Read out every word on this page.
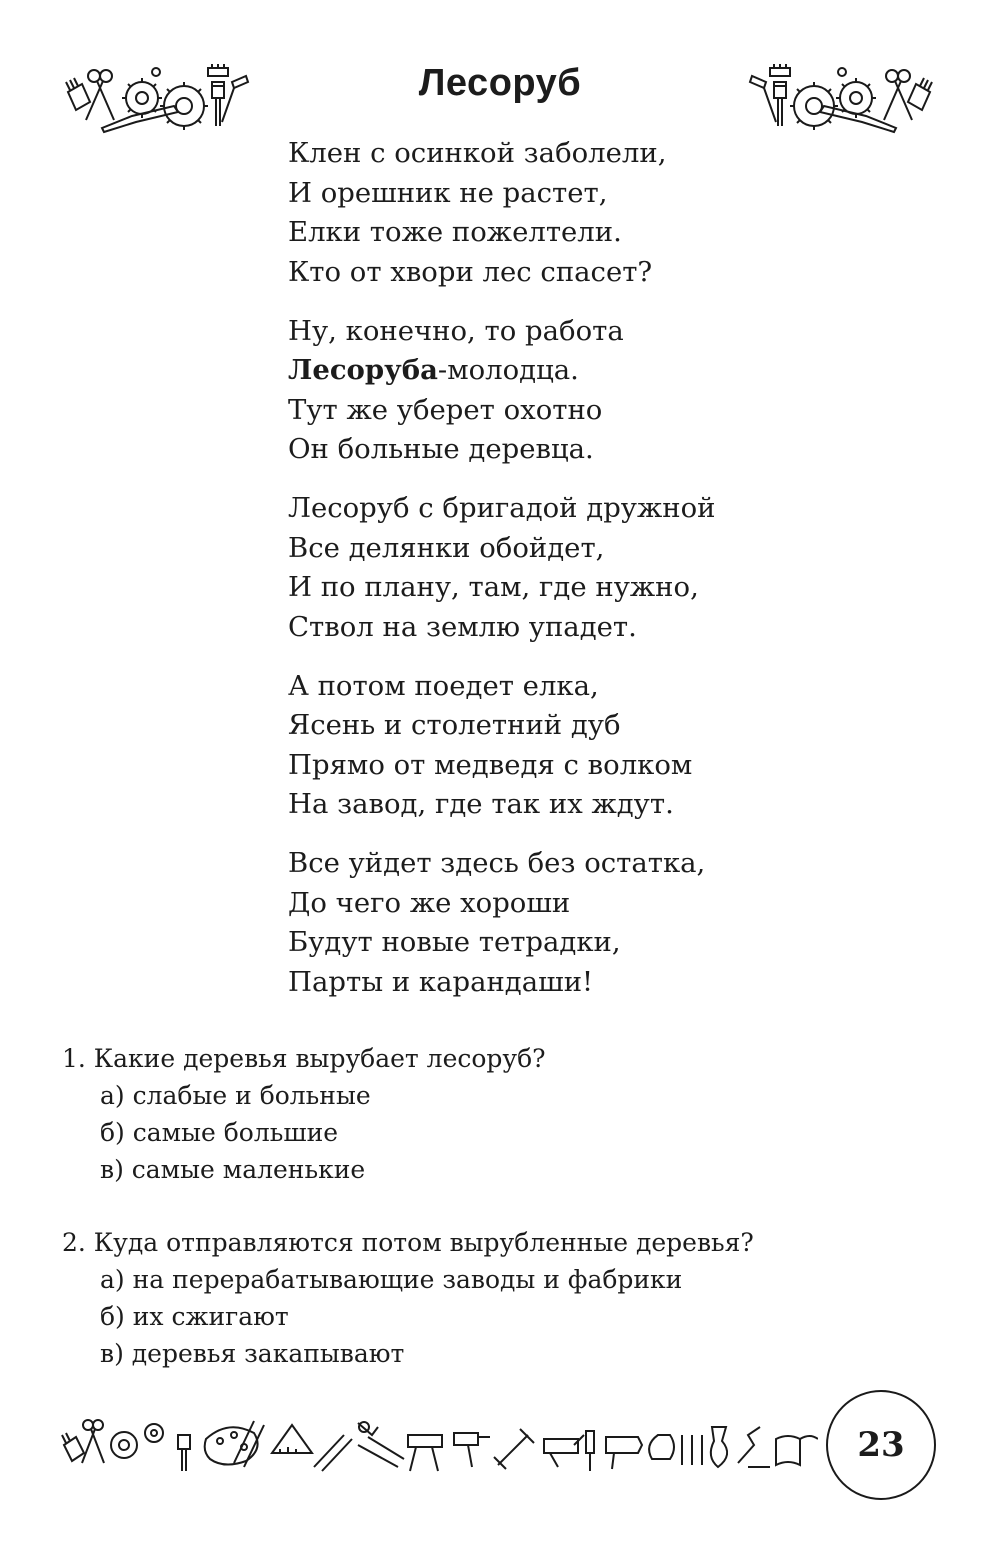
Лесоруб
Клен с осинкой заболели,
И орешник не растет,
Елки тоже пожелтели.
Кто от хвори лес спасет?
Ну, конечно, то работа
Лесоруба-молодца.
Тут же уберет охотно
Он больные деревца.
Лесоруб с бригадой дружной
Все делянки обойдет,
И по плану, там, где нужно,
Ствол на землю упадет.
А потом поедет елка,
Ясень и столетний дуб
Прямо от медведя с волком
На завод, где так их ждут.
Все уйдет здесь без остатка,
До чего же хороши
Будут новые тетрадки,
Парты и карандаши!
1. Какие деревья вырубает лесоруб?
а) слабые и больные
б) самые большие
в) самые маленькие
2. Куда отправляются потом вырубленные деревья?
а) на перерабатывающие заводы и фабрики
б) их сжигают
в) деревья закапывают
23
